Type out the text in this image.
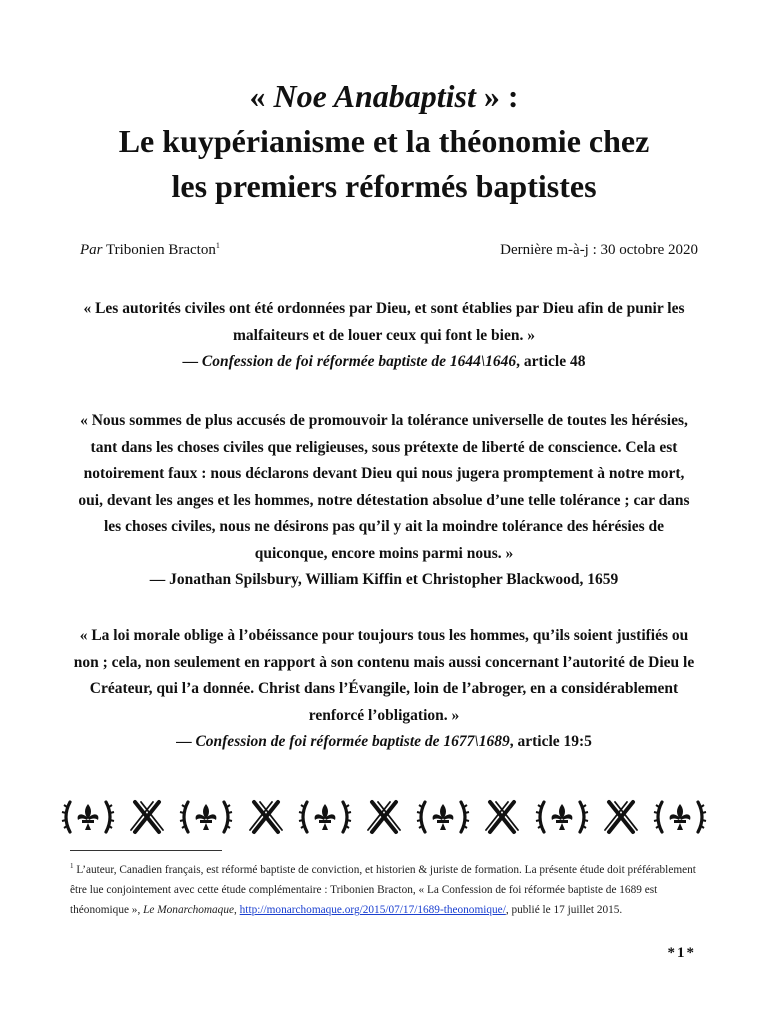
« Noe Anabaptist » :
Le kuypérianisme et la théonomie chez
les premiers réformés baptistes
Par Tribonien Bracton$^1$	Dernière m-à-j : 30 octobre 2020
« Les autorités civiles ont été ordonnées par Dieu, et sont établies par Dieu afin de punir les malfaiteurs et de louer ceux qui font le bien. »
— Confession de foi réformée baptiste de 1644\1646, article 48
« Nous sommes de plus accusés de promouvoir la tolérance universelle de toutes les hérésies, tant dans les choses civiles que religieuses, sous prétexte de liberté de conscience. Cela est notoirement faux : nous déclarons devant Dieu qui nous jugera promptement à notre mort, oui, devant les anges et les hommes, notre détestation absolue d’une telle tolérance ; car dans les choses civiles, nous ne désirons pas qu’il y ait la moindre tolérance des hérésies de quiconque, encore moins parmi nous. »
— Jonathan Spilsbury, William Kiffin et Christopher Blackwood, 1659
« La loi morale oblige à l’obéissance pour toujours tous les hommes, qu’ils soient justifiés ou non ; cela, non seulement en rapport à son contenu mais aussi concernant l’autorité de Dieu le Créateur, qui l’a donnée. Christ dans l’Évangile, loin de l’abroger, en a considérablement renforcé l’obligation. »
— Confession de foi réformée baptiste de 1677\1689, article 19:5
$^1$ L’auteur, Canadien français, est réformé baptiste de conviction, et historien & juriste de formation. La présente étude doit préférablement être lue conjointement avec cette étude complémentaire : Tribonien Bracton, « La Confession de foi réformée baptiste de 1689 est théonomique », Le Monarchomaque, http://monarchomaque.org/2015/07/17/1689-theonomique/, publié le 17 juillet 2015.
*1*
